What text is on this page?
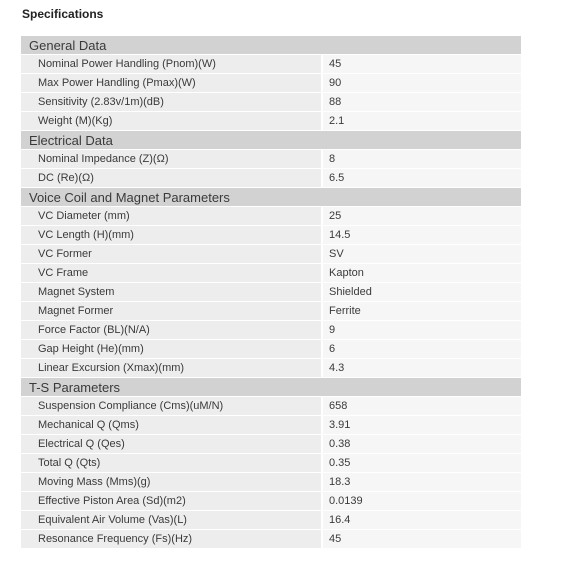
Specifications
General Data
Nominal Power Handling (Pnom)(W)	45
Max Power Handling (Pmax)(W)	90
Sensitivity (2.83v/1m)(dB)	88
Weight (M)(Kg)	2.1
Electrical Data
Nominal Impedance (Z)(Ω)	8
DC (Re)(Ω)	6.5
Voice Coil and Magnet Parameters
VC Diameter (mm)	25
VC Length (H)(mm)	14.5
VC Former	SV
VC Frame	Kapton
Magnet System	Shielded
Magnet Former	Ferrite
Force Factor (BL)(N/A)	9
Gap Height (He)(mm)	6
Linear Excursion (Xmax)(mm)	4.3
T-S Parameters
Suspension Compliance (Cms)(uM/N)	658
Mechanical Q (Qms)	3.91
Electrical Q (Qes)	0.38
Total Q (Qts)	0.35
Moving Mass (Mms)(g)	18.3
Effective Piston Area (Sd)(m2)	0.0139
Equivalent Air Volume (Vas)(L)	16.4
Resonance Frequency (Fs)(Hz)	45
